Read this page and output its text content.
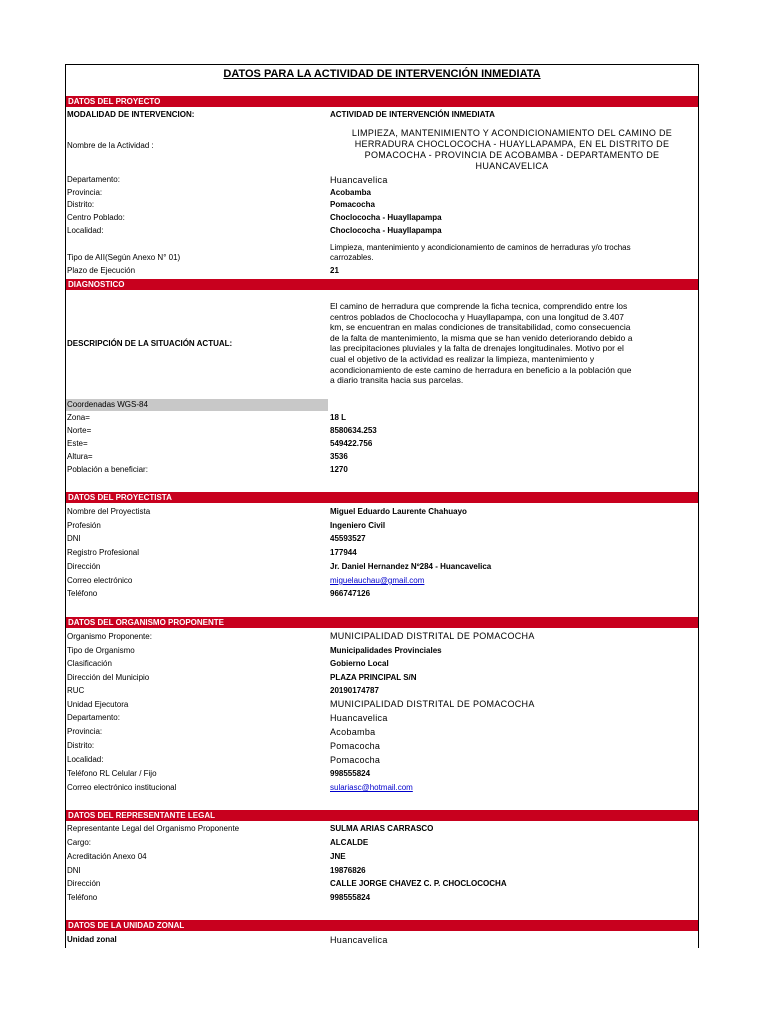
DATOS PARA LA ACTIVIDAD DE INTERVENCIÓN INMEDIATA
DATOS DEL PROYECTO
MODALIDAD DE INTERVENCION:	ACTIVIDAD DE INTERVENCIÓN INMEDIATA
Nombre de la Actividad :
LIMPIEZA, MANTENIMIENTO Y ACONDICIONAMIENTO DEL CAMINO DE
HERRADURA CHOCLOCOCHA - HUAYLLAPAMPA, EN EL DISTRITO DE
POMACOCHA - PROVINCIA DE ACOBAMBA - DEPARTAMENTO DE
HUANCAVELICA
Departamento:	Huancavelica
Provincia:	Acobamba
Distrito:	Pomacocha
Centro Poblado:	Choclococha - Huayllapampa
Localidad:	Choclococha - Huayllapampa
Tipo de AII(Según Anexo N° 01)
Limpieza, mantenimiento y acondicionamiento de caminos de herraduras y/o trochas
carrozables.
Plazo de Ejecución	21
DIAGNOSTICO
DESCRIPCIÓN DE LA SITUACIÓN ACTUAL:
El camino de herradura que comprende la ficha tecnica, comprendido entre los
centros poblados de Choclococha y Huayllapampa, con una longitud de 3.407
km, se encuentran en malas condiciones de transitabilidad, como consecuencia
de la falta de mantenimiento, la misma que se han venido deteriorando debido a
las precipitaciones pluviales y la falta de drenajes longitudinales. Motivo por el
cual el objetivo de la actividad es realizar la limpieza, mantenimiento y
acondicionamiento de este camino de herradura en beneficio a la población que
a diario transita hacia sus parcelas.
Coordenadas WGS-84
Zona=	18 L
Norte=	8580634.253
Este=	549422.756
Altura=	3536
Población a beneficiar:	1270
DATOS DEL PROYECTISTA
Nombre del Proyectista	Miguel Eduardo Laurente Chahuayo
Profesión	Ingeniero Civil
DNI	45593527
Registro Profesional	177944
Dirección	Jr. Daniel Hernandez Nº284 - Huancavelica
Correo electrónico	miguelauchau@gmail.com
Teléfono	966747126
DATOS DEL ORGANISMO PROPONENTE
Organismo Proponente:	MUNICIPALIDAD DISTRITAL DE POMACOCHA
Tipo de Organismo	Municipalidades Provinciales
Clasificación	Gobierno Local
Dirección del Municipio	PLAZA PRINCIPAL S/N
RUC	20190174787
Unidad Ejecutora	MUNICIPALIDAD DISTRITAL DE POMACOCHA
Departamento:	Huancavelica
Provincia:	Acobamba
Distrito:	Pomacocha
Localidad:	Pomacocha
Teléfono RL Celular / Fijo	998555824
Correo electrónico institucional	sulariasc@hotmail.com
DATOS DEL REPRESENTANTE LEGAL
Representante Legal del Organismo Proponente	SULMA ARIAS CARRASCO
Cargo:	ALCALDE
Acreditación Anexo 04	JNE
DNI	19876826
Dirección	CALLE JORGE CHAVEZ C. P. CHOCLOCOCHA
Teléfono	998555824
DATOS DE LA UNIDAD ZONAL
Unidad zonal	Huancavelica
